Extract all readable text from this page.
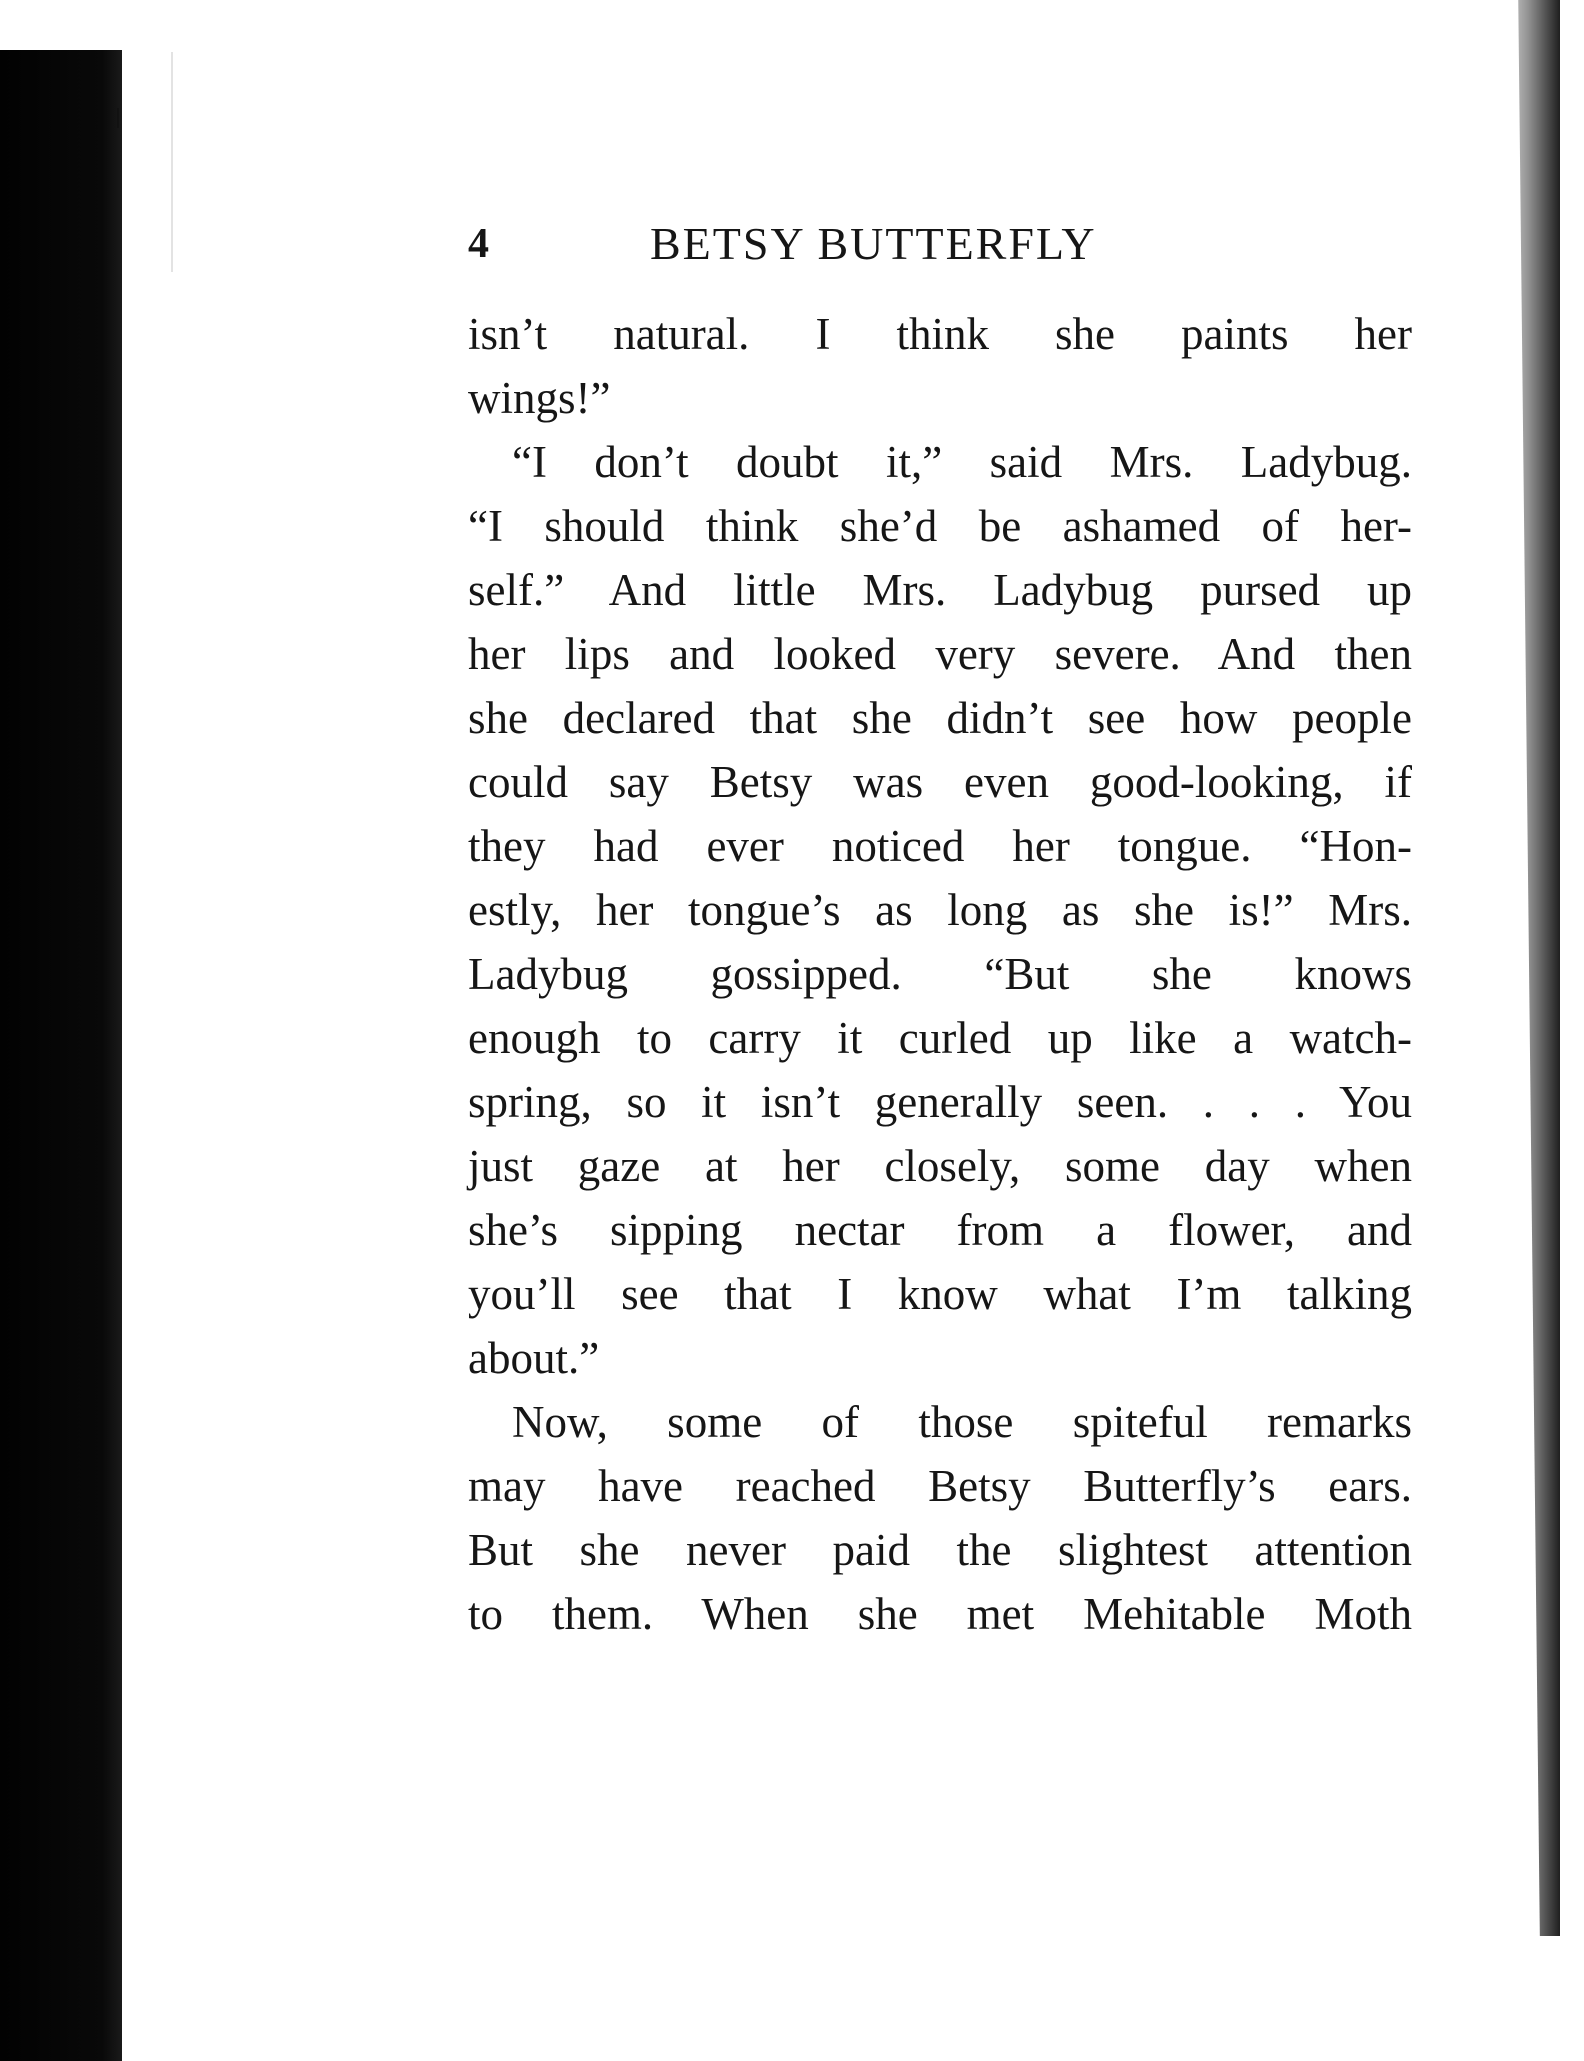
4	BETSY BUTTERFLY
isn’t natural. I think she paints her
wings!”
“I don’t doubt it,” said Mrs. Ladybug.
“I should think she’d be ashamed of her-
self.” And little Mrs. Ladybug pursed up
her lips and looked very severe. And then
she declared that she didn’t see how people
could say Betsy was even good-looking, if
they had ever noticed her tongue. “Hon-
estly, her tongue’s as long as she is!” Mrs.
Ladybug gossipped. “But she knows
enough to carry it curled up like a watch-
spring, so it isn’t generally seen. . . . You
just gaze at her closely, some day when
she’s sipping nectar from a flower, and
you’ll see that I know what I’m talking
about.”
Now, some of those spiteful remarks
may have reached Betsy Butterfly’s ears.
But she never paid the slightest attention
to them. When she met Mehitable Moth
